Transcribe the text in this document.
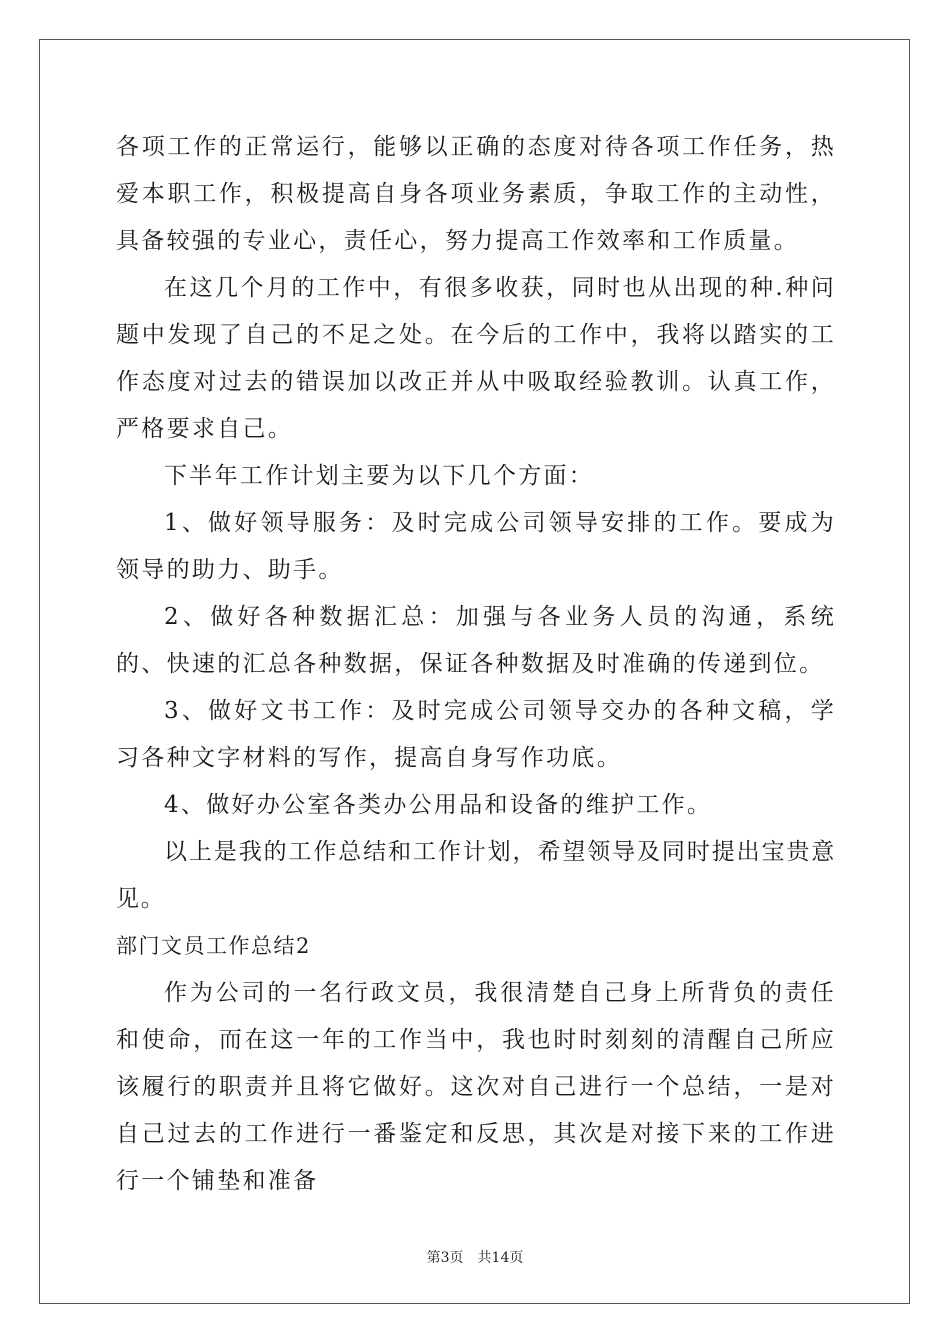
各项工作的正常运行，能够以正确的态度对待各项工作任务，热爱本职工作，积极提高自身各项业务素质，争取工作的主动性，具备较强的专业心，责任心，努力提高工作效率和工作质量。

在这几个月的工作中，有很多收获，同时也从出现的种.种问题中发现了自己的不足之处。在今后的工作中，我将以踏实的工作态度对过去的错误加以改正并从中吸取经验教训。认真工作，严格要求自己。

下半年工作计划主要为以下几个方面：

1、做好领导服务：及时完成公司领导安排的工作。要成为领导的助力、助手。

2、做好各种数据汇总：加强与各业务人员的沟通，系统的、快速的汇总各种数据，保证各种数据及时准确的传递到位。

3、做好文书工作：及时完成公司领导交办的各种文稿，学习各种文字材料的写作，提高自身写作功底。

4、做好办公室各类办公用品和设备的维护工作。

以上是我的工作总结和工作计划，希望领导及同时提出宝贵意见。

部门文员工作总结2

作为公司的一名行政文员，我很清楚自己身上所背负的责任和使命，而在这一年的工作当中，我也时时刻刻的清醒自己所应该履行的职责并且将它做好。这次对自己进行一个总结，一是对自己过去的工作进行一番鉴定和反思，其次是对接下来的工作进行一个铺垫和准备

第3页 共14页
